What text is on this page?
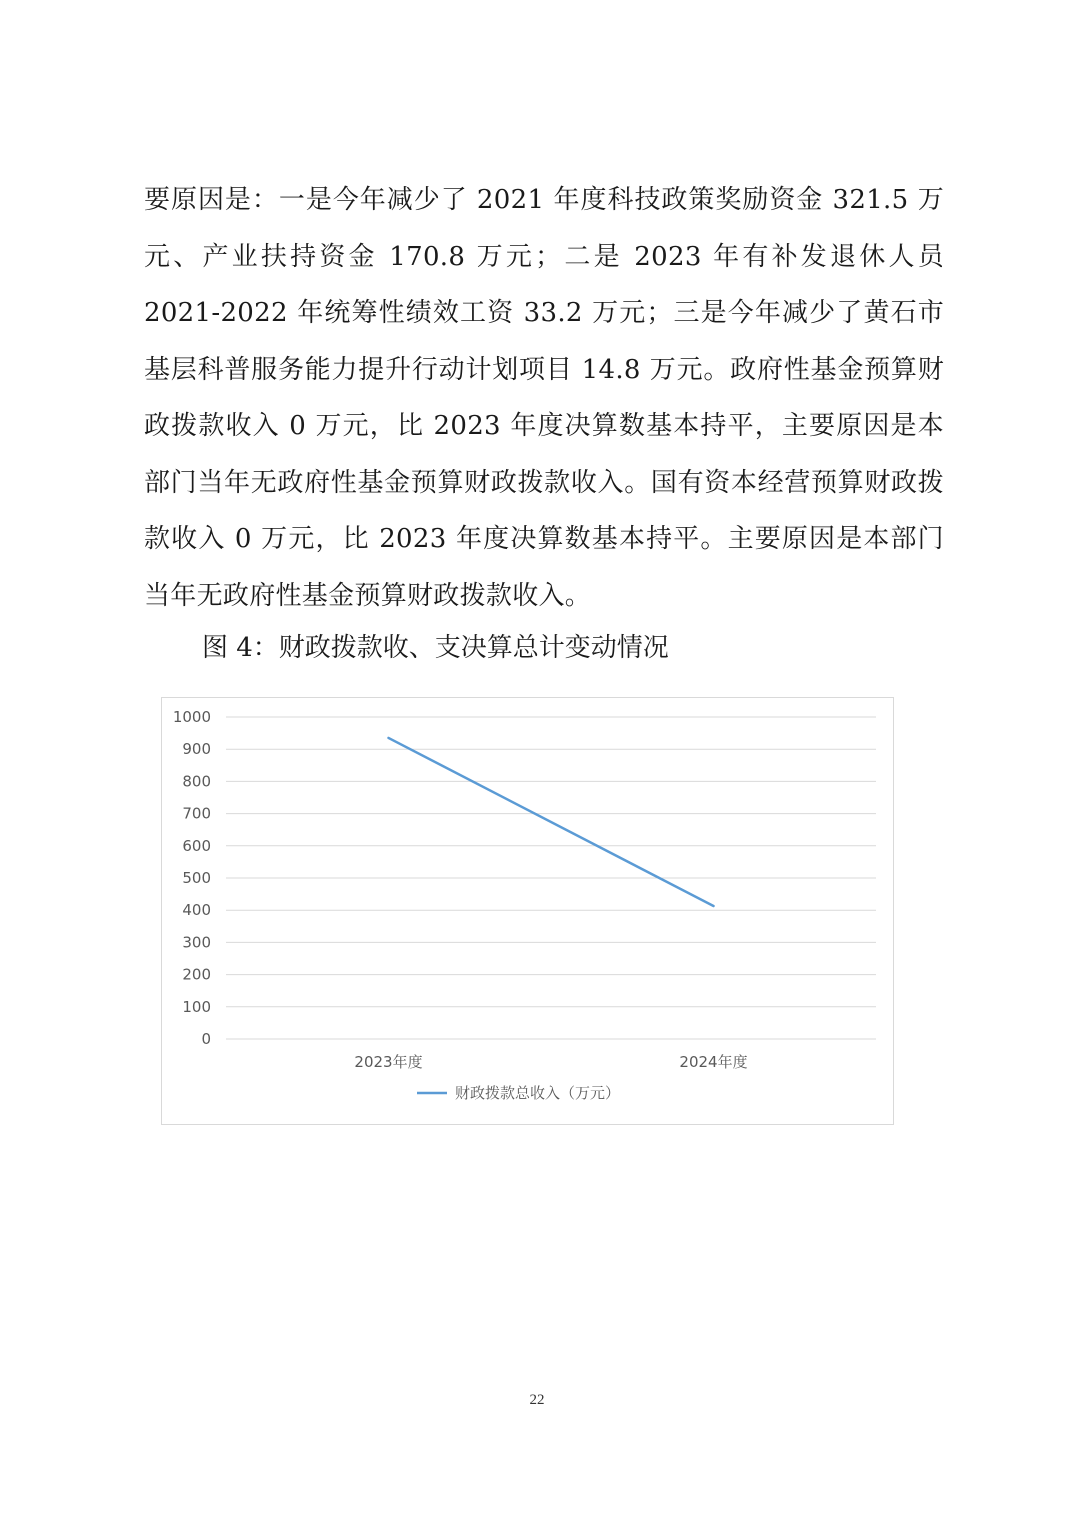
要原因是：一是今年减少了 2021 年度科技政策奖励资金 321.5 万元、产业扶持资金 170.8 万元；二是 2023 年有补发退休人员 2021-2022 年统筹性绩效工资 33.2 万元；三是今年减少了黄石市基层科普服务能力提升行动计划项目 14.8 万元。政府性基金预算财政拨款收入 0 万元，比 2023 年度决算数基本持平，主要原因是本部门当年无政府性基金预算财政拨款收入。国有资本经营预算财政拨款收入 0 万元，比 2023 年度决算数基本持平。主要原因是本部门当年无政府性基金预算财政拨款收入。

图 4：财政拨款收、支决算总计变动情况

0
100
200
300
400
500
600
700
800
900
1000
2023年度	2024年度
财政拨款总收入（万元）

22
